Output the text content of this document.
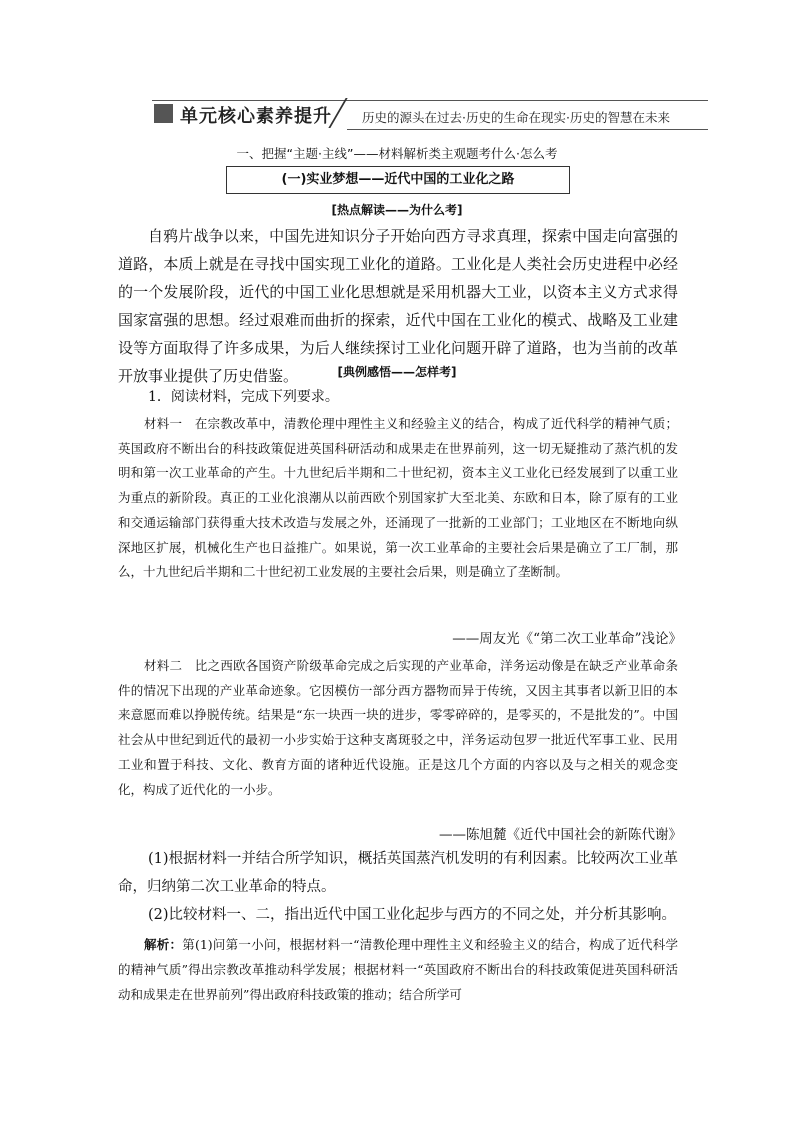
单元核心素养提升 历史的源头在过去·历史的生命在现实·历史的智慧在未来
一、把握“主题·主线”——材料解析类主观题考什么·怎么考
(一)实业梦想——近代中国的工业化之路
[热点解读——为什么考]
自鸦片战争以来，中国先进知识分子开始向西方寻求真理，探索中国走向富强的道路，本质上就是在寻找中国实现工业化的道路。工业化是人类社会历史进程中必经的一个发展阶段，近代的中国工业化思想就是采用机器大工业，以资本主义方式求得国家富强的思想。经过艰难而曲折的探索，近代中国在工业化的模式、战略及工业建设等方面取得了许多成果，为后人继续探讨工业化问题开辟了道路，也为当前的改革开放事业提供了历史借鉴。	[典例感悟——怎样考]
1．阅读材料，完成下列要求。
材料一　在宗教改革中，清教伦理中理性主义和经验主义的结合，构成了近代科学的精神气质；英国政府不断出台的科技政策促进英国科研活动和成果走在世界前列，这一切无疑推动了蒸汽机的发明和第一次工业革命的产生。十九世纪后半期和二十世纪初，资本主义工业化已经发展到了以重工业为重点的新阶段。真正的工业化浪潮从以前西欧个别国家扩大至北美、东欧和日本，除了原有的工业和交通运输部门获得重大技术改造与发展之外，还涌现了一批新的工业部门；工业地区在不断地向纵深地区扩展，机械化生产也日益推广。如果说，第一次工业革命的主要社会后果是确立了工厂制，那么，十九世纪后半期和二十世纪初工业发展的主要社会后果，则是确立了垄断制。
——周友光《“第二次工业革命”浅论》
材料二　比之西欧各国资产阶级革命完成之后实现的产业革命，洋务运动像是在缺乏产业革命条件的情况下出现的产业革命迹象。它因模仿一部分西方器物而异于传统，又因主其事者以新卫旧的本来意愿而难以挣脱传统。结果是“东一块西一块的进步，零零碎碎的，是零买的，不是批发的”。中国社会从中世纪到近代的最初一小步实始于这种支离斑驳之中，洋务运动包罗一批近代军事工业、民用工业和置于科技、文化、教育方面的诸种近代设施。正是这几个方面的内容以及与之相关的观念变化，构成了近代化的一小步。
——陈旭麓《近代中国社会的新陈代谢》
(1)根据材料一并结合所学知识，概括英国蒸汽机发明的有利因素。比较两次工业革命，归纳第二次工业革命的特点。
(2)比较材料一、二，指出近代中国工业化起步与西方的不同之处，并分析其影响。
解析：第(1)问第一小问，根据材料一“清教伦理中理性主义和经验主义的结合，构成了近代科学的精神气质”得出宗教改革推动科学发展；根据材料一“英国政府不断出台的科技政策促进英国科研活动和成果走在世界前列”得出政府科技政策的推动；结合所学可
